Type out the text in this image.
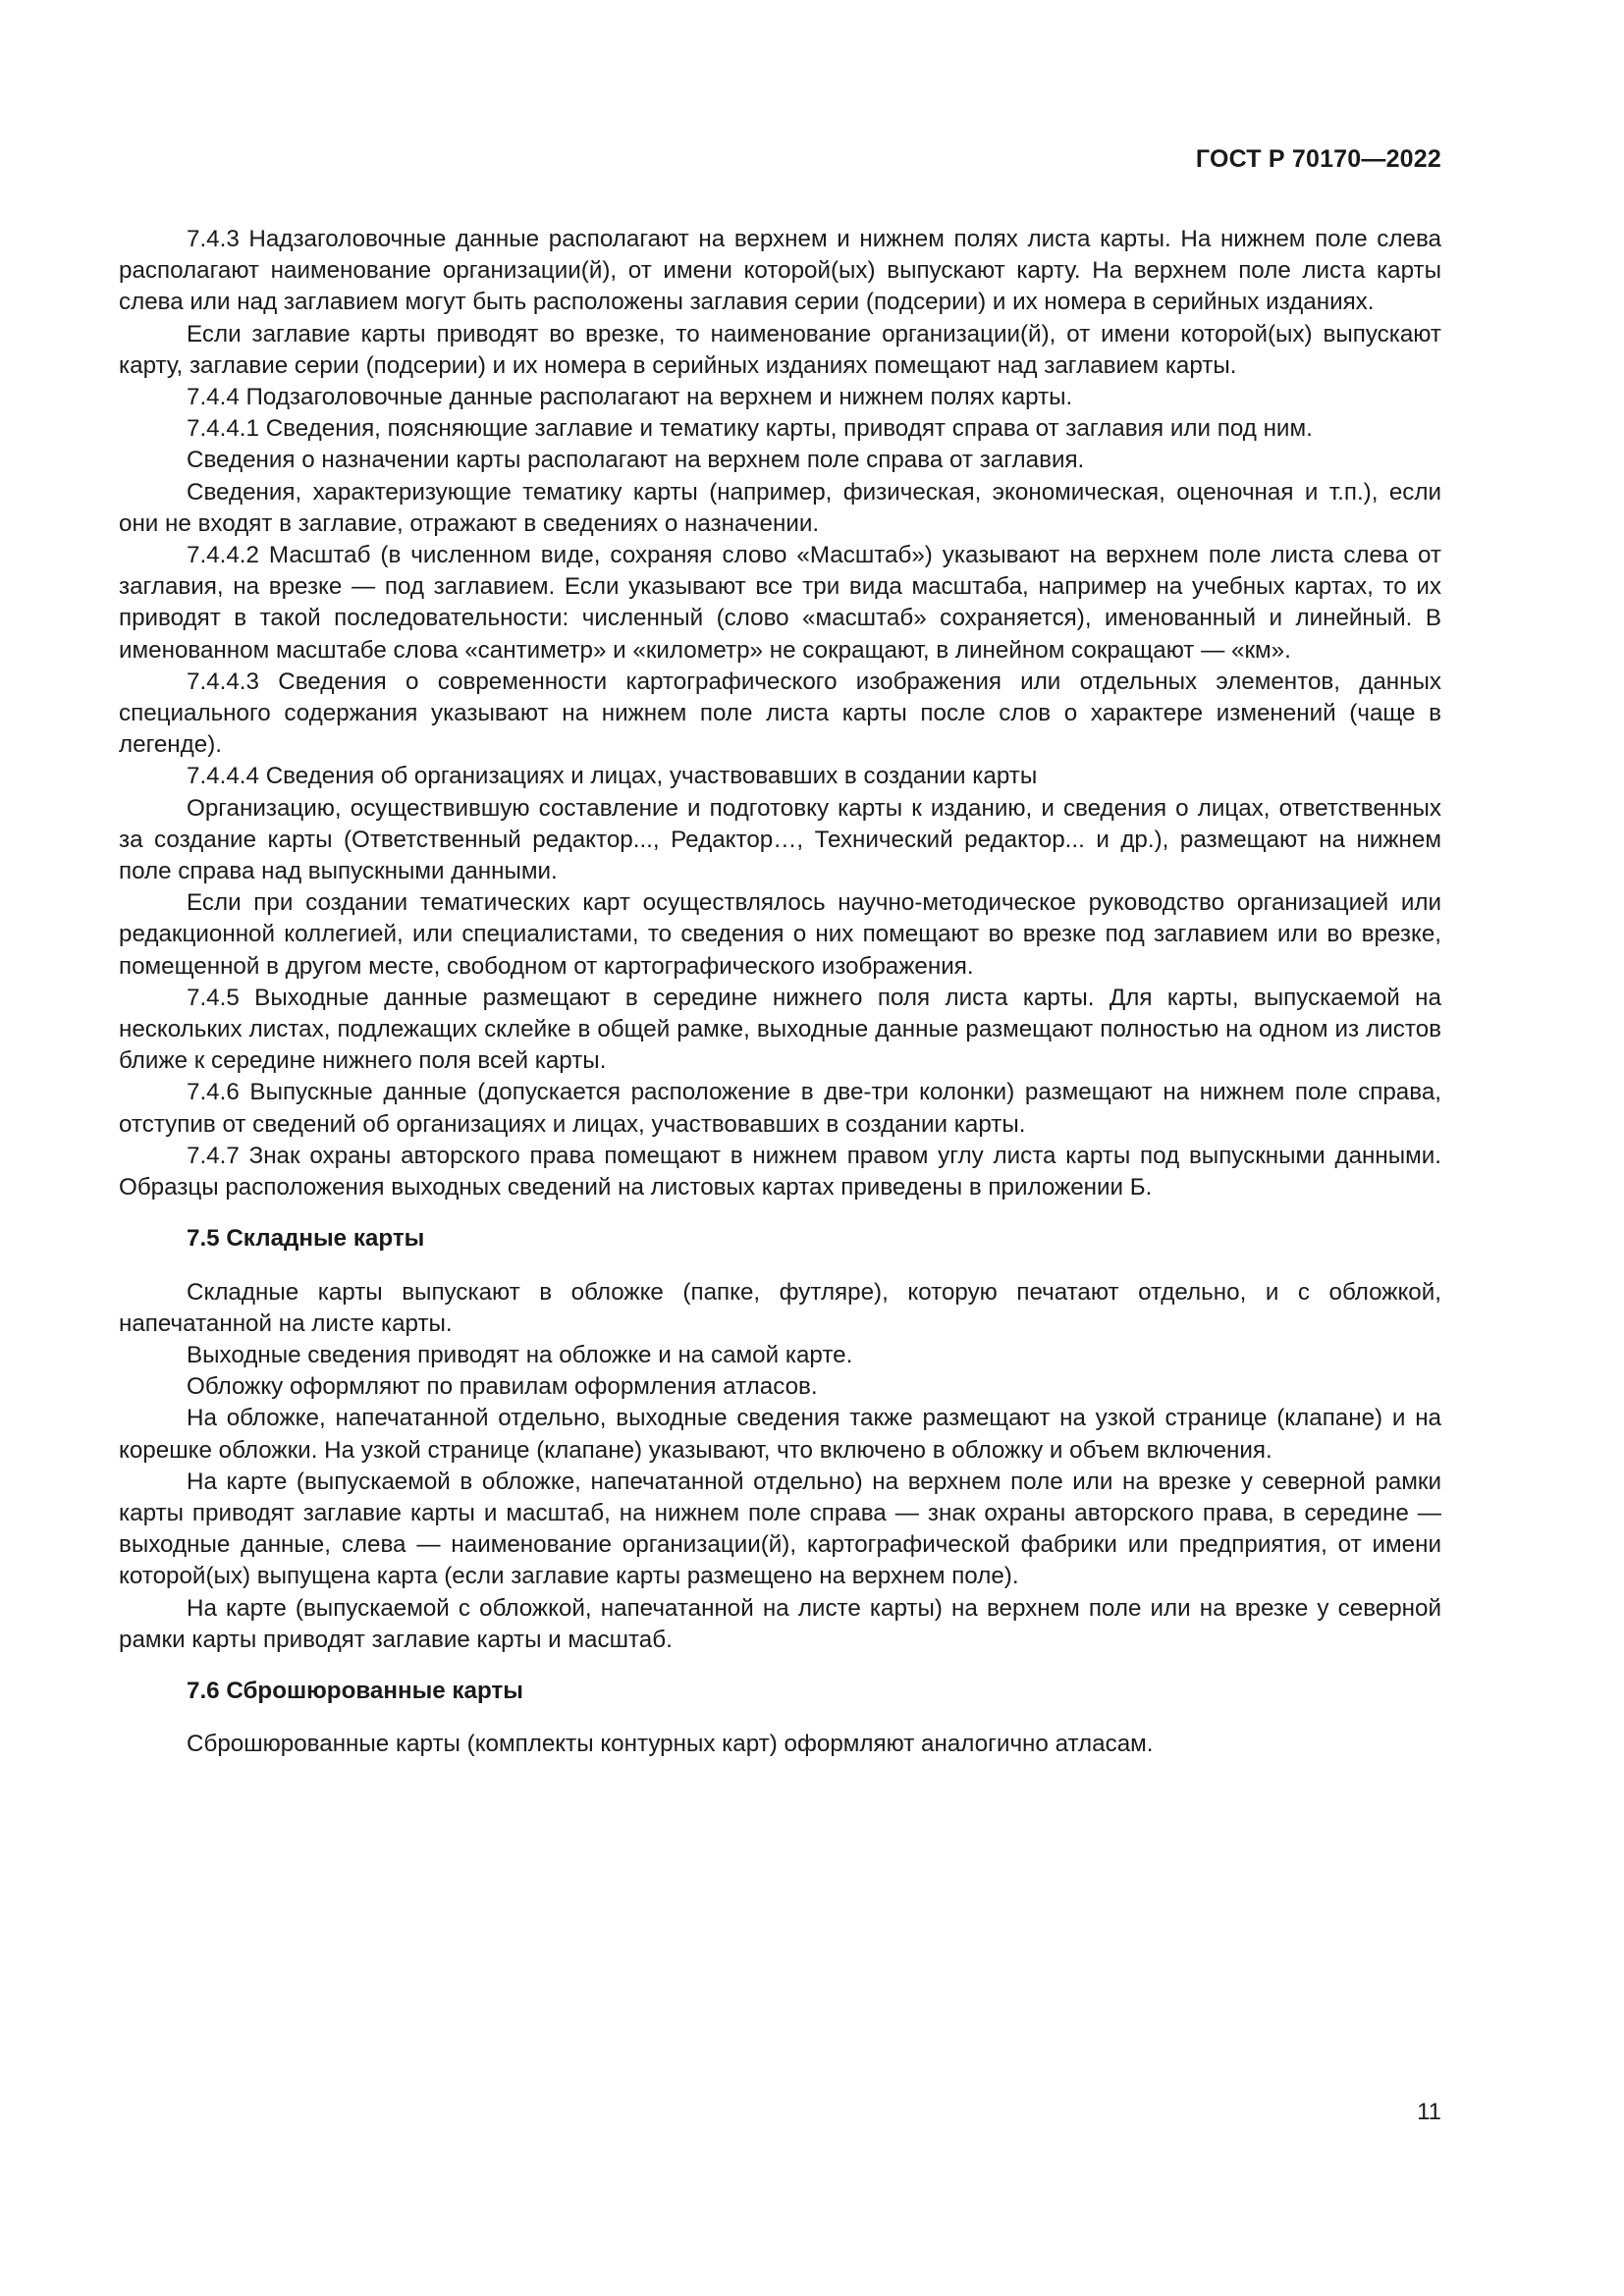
ГОСТ Р 70170—2022

7.4.3 Надзаголовочные данные располагают на верхнем и нижнем полях листа карты. На нижнем поле слева располагают наименование организации(й), от имени которой(ых) выпускают карту. На верхнем поле листа карты слева или над заглавием могут быть расположены заглавия серии (подсерии) и их номера в серийных изданиях.

Если заглавие карты приводят во врезке, то наименование организации(й), от имени которой(ых) выпускают карту, заглавие серии (подсерии) и их номера в серийных изданиях помещают над заглавием карты.

7.4.4 Подзаголовочные данные располагают на верхнем и нижнем полях карты.

7.4.4.1 Сведения, поясняющие заглавие и тематику карты, приводят справа от заглавия или под ним.

Сведения о назначении карты располагают на верхнем поле справа от заглавия.

Сведения, характеризующие тематику карты (например, физическая, экономическая, оценочная и т.п.), если они не входят в заглавие, отражают в сведениях о назначении.

7.4.4.2 Масштаб (в численном виде, сохраняя слово «Масштаб») указывают на верхнем поле листа слева от заглавия, на врезке — под заглавием. Если указывают все три вида масштаба, например на учебных картах, то их приводят в такой последовательности: численный (слово «масштаб» сохраняется), именованный и линейный. В именованном масштабе слова «сантиметр» и «километр» не сокращают, в линейном сокращают — «км».

7.4.4.3 Сведения о современности картографического изображения или отдельных элементов, данных специального содержания указывают на нижнем поле листа карты после слов о характере изменений (чаще в легенде).

7.4.4.4 Сведения об организациях и лицах, участвовавших в создании карты

Организацию, осуществившую составление и подготовку карты к изданию, и сведения о лицах, ответственных за создание карты (Ответственный редактор..., Редактор…, Технический редактор... и др.), размещают на нижнем поле справа над выпускными данными.

Если при создании тематических карт осуществлялось научно-методическое руководство организацией или редакционной коллегией, или специалистами, то сведения о них помещают во врезке под заглавием или во врезке, помещенной в другом месте, свободном от картографического изображения.

7.4.5 Выходные данные размещают в середине нижнего поля листа карты. Для карты, выпускаемой на нескольких листах, подлежащих склейке в общей рамке, выходные данные размещают полностью на одном из листов ближе к середине нижнего поля всей карты.

7.4.6 Выпускные данные (допускается расположение в две-три колонки) размещают на нижнем поле справа, отступив от сведений об организациях и лицах, участвовавших в создании карты.

7.4.7 Знак охраны авторского права помещают в нижнем правом углу листа карты под выпускными данными. Образцы расположения выходных сведений на листовых картах приведены в приложении Б.

7.5 Складные карты

Складные карты выпускают в обложке (папке, футляре), которую печатают отдельно, и с обложкой, напечатанной на листе карты.

Выходные сведения приводят на обложке и на самой карте.

Обложку оформляют по правилам оформления атласов.

На обложке, напечатанной отдельно, выходные сведения также размещают на узкой странице (клапане) и на корешке обложки. На узкой странице (клапане) указывают, что включено в обложку и объем включения.

На карте (выпускаемой в обложке, напечатанной отдельно) на верхнем поле или на врезке у северной рамки карты приводят заглавие карты и масштаб, на нижнем поле справа — знак охраны авторского права, в середине — выходные данные, слева — наименование организации(й), картографической фабрики или предприятия, от имени которой(ых) выпущена карта (если заглавие карты размещено на верхнем поле).

На карте (выпускаемой с обложкой, напечатанной на листе карты) на верхнем поле или на врезке у северной рамки карты приводят заглавие карты и масштаб.

7.6 Сброшюрованные карты

Сброшюрованные карты (комплекты контурных карт) оформляют аналогично атласам.

11
